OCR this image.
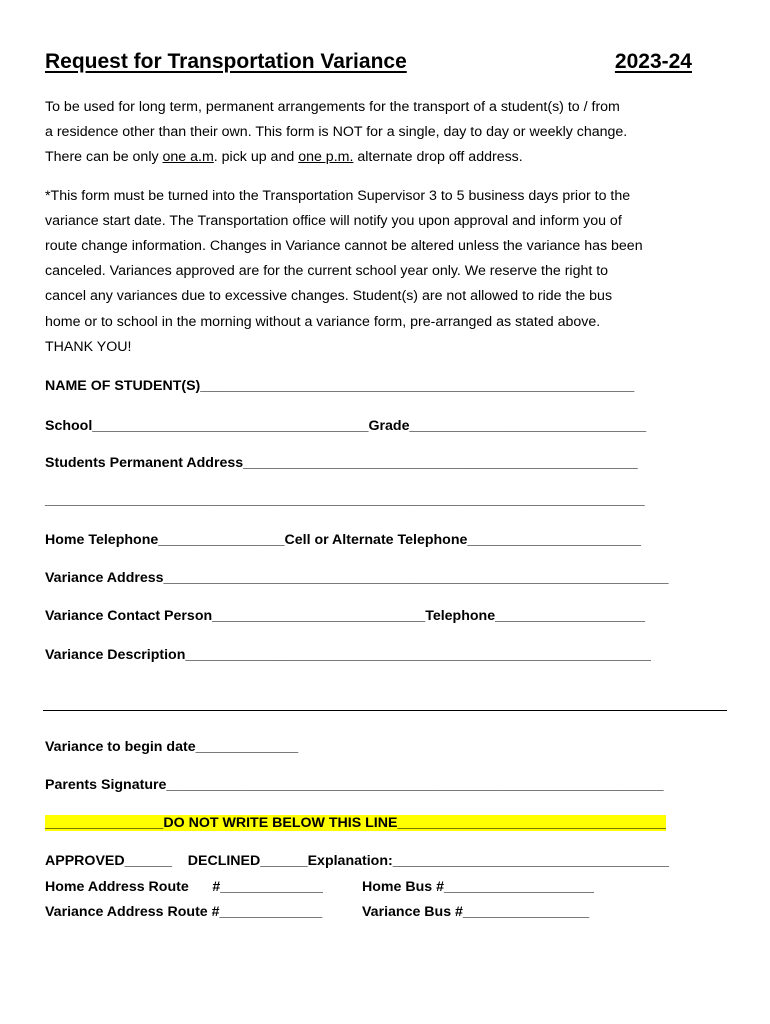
Request for Transportation Variance	2023-24
To be used for long term, permanent arrangements for the transport of a student(s) to / from
a residence other than their own. This form is NOT for a single, day to day or weekly change.
There can be only one a.m. pick up and one p.m. alternate drop off address.
*This form must be turned into the Transportation Supervisor 3 to 5 business days prior to the
variance start date. The Transportation office will notify you upon approval and inform you of
route change information. Changes in Variance cannot be altered unless the variance has been
canceled. Variances approved are for the current school year only. We reserve the right to
cancel any variances due to excessive changes. Student(s) are not allowed to ride the bus
home or to school in the morning without a variance form, pre-arranged as stated above.
THANK YOU!
NAME OF STUDENT(S)_______________________________________________________
School___________________________________Grade______________________________
Students Permanent Address__________________________________________________
____________________________________________________________________________
Home Telephone________________Cell or Alternate Telephone______________________
Variance Address________________________________________________________________
Variance Contact Person___________________________Telephone___________________
Variance Description___________________________________________________________
Variance to begin date_____________
Parents Signature_______________________________________________________________
_______________DO NOT WRITE BELOW THIS LINE__________________________________
APPROVED______    DECLINED______Explanation:___________________________________
Home Address Route      #_____________	Home Bus #___________________
Variance Address Route #_____________	Variance Bus #________________
